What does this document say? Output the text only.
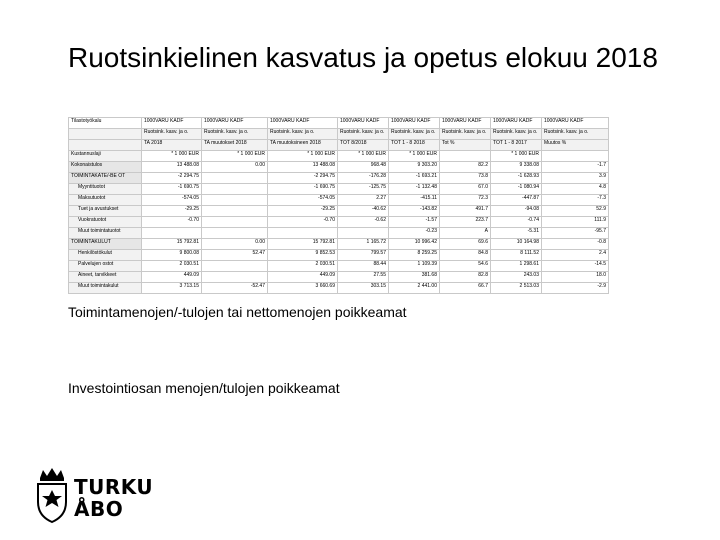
Ruotsinkielinen kasvatus ja opetus elokuu 2018
Tilastotyökalu	1000VARU KADF	1000VARU KADF	1000VARU KADF	1000VARU KADF	1000VARU KADF	1000VARU KADF	1000VARU KADF	1000VARU KADF
	Ruotsink. kasv. ja o.	Ruotsink. kasv. ja o.	Ruotsink. kasv. ja o.	Ruotsink. kasv. ja o.	Ruotsink. kasv. ja o.	Ruotsink. kasv. ja o.	Ruotsink. kasv. ja o.	Ruotsink. kasv. ja o.
	TA 2018	TA muutokset 2018	TA muutoksineen 2018	TOT 8/2018	TOT 1 - 8 2018	Tot %	TOT 1 - 8 2017	Muutos %
Kustannuslaji	* 1 000 EUR	* 1 000 EUR	* 1 000 EUR	* 1 000 EUR	* 1 000 EUR		* 1 000 EUR	
Kokonaistulos	13 488.08	0.00	13 488.08	968.48	9 303.20	82.2	9 338.08	-1.7
TOIMINTAKATE/-BE OT	-2 294.75		-2 294.75	-176.28	-1 693.21	73.8	-1 628.93	3.9
Myyntituotot	-1 690.75		-1 690.75	-125.75	-1 132.48	67.0	-1 080.94	4.8
Maksutuotot	-574.05		-574.05	2.27	-415.11	72.3	-447.87	-7.3
Tuet ja avustukset	-29.25		-29.25	-40.62	-143.82	491.7	-94.08	52.9
Vuokratuotot	-0.70		-0.70	-0.62	-1.57	223.7	-0.74	111.9
Muut toimintatuotot					-0.23	A	-5.31	-95.7
TOIMINTAKULUT	15 792.81	0.00	15 792.81	1 165.72	10 996.42	69.6	10 164.98	-0.8
Henkilöstökulut	9 800.08	52.47	9 852.53	799.57	8 259.25	84.8	8 111.52	2.4
Palvelujen ostot	2 030.51		2 030.51	88.44	1 109.39	54.6	1 298.61	-14.5
Aineet, tarvikkeet	449.09		449.09	27.55	381.68	82.8	243.03	18.0
Muut toimintakulut	3 713.15	-52.47	3 660.69	303.15	2 441.00	66.7	2 513.03	-2.9
Toimintamenojen/-tulojen tai nettomenojen poikkeamat
Investointiosan menojen/tulojen poikkeamat
TURKU
ÅBO
